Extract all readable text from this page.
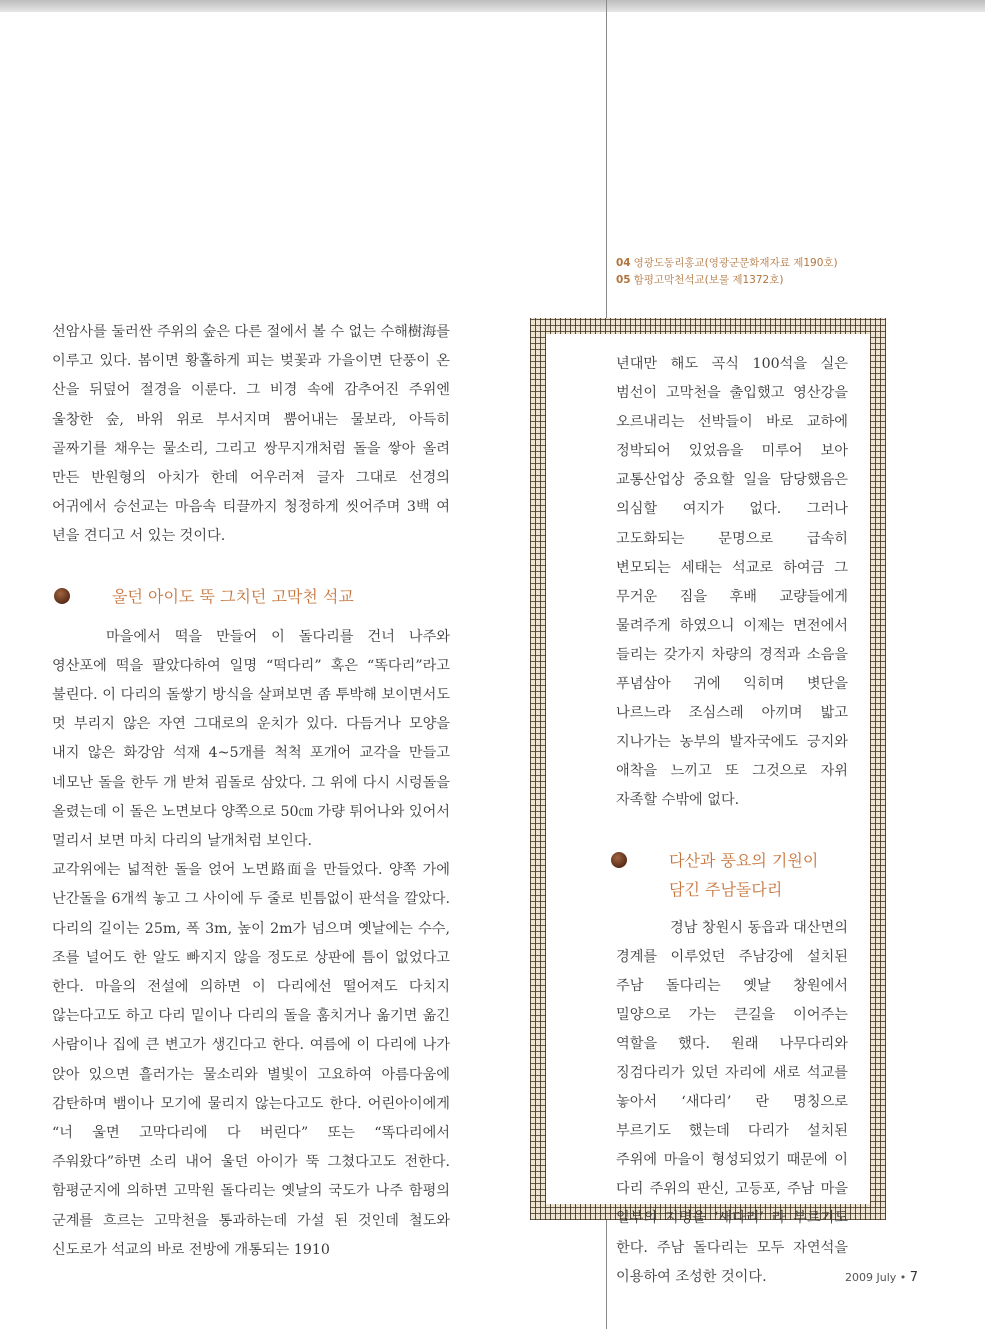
04 영광도동리홍교(영광군문화재자료 제190호)
05 함평고막천석교(보물 제1372호)

선암사를 둘러싼 주위의 숲은 다른 절에서 볼 수 없는 수해樹海를 이루고 있다. 봄이면 황홀하게 피는 벚꽃과 가을이면 단풍이 온 산을 뒤덮어 절경을 이룬다. 그 비경 속에 감추어진 주위엔 울창한 숲, 바위 위로 부서지며 뿜어내는 물보라, 아득히 골짜기를 채우는 물소리, 그리고 쌍무지개처럼 돌을 쌓아 올려 만든 반원형의 아치가 한데 어우러져 글자 그대로 선경의 어귀에서 승선교는 마음속 티끌까지 청정하게 씻어주며 3백 여 년을 견디고 서 있는 것이다.

울던 아이도 뚝 그치던 고막천 석교

마을에서 떡을 만들어 이 돌다리를 건너 나주와 영산포에 떡을 팔았다하여 일명 “떡다리” 혹은 “똑다리”라고 불린다. 이 다리의 돌쌓기 방식을 살펴보면 좀 투박해 보이면서도 멋 부리지 않은 자연 그대로의 운치가 있다. 다듬거나 모양을 내지 않은 화강암 석재 4~5개를 척척 포개어 교각을 만들고 네모난 돌을 한두 개 받쳐 굄돌로 삼았다. 그 위에 다시 시렁돌을 올렸는데 이 돌은 노면보다 양쪽으로 50㎝ 가량 튀어나와 있어서 멀리서 보면 마치 다리의 날개처럼 보인다.

교각위에는 넓적한 돌을 얹어 노면路面을 만들었다. 양쪽 가에 난간돌을 6개씩 놓고 그 사이에 두 줄로 빈틈없이 판석을 깔았다. 다리의 길이는 25m, 폭 3m, 높이 2m가 넘으며 옛날에는 수수, 조를 널어도 한 알도 빠지지 않을 정도로 상판에 틈이 없었다고 한다. 마을의 전설에 의하면 이 다리에선 떨어져도 다치지 않는다고도 하고 다리 밑이나 다리의 돌을 훔치거나 옮기면 옮긴 사람이나 집에 큰 변고가 생긴다고 한다. 여름에 이 다리에 나가 앉아 있으면 흘러가는 물소리와 별빛이 고요하여 아름다움에 감탄하며 뱀이나 모기에 물리지 않는다고도 한다. 어린아이에게 “너 울면 고막다리에 다 버린다” 또는 “똑다리에서 주워왔다”하면 소리 내어 울던 아이가 뚝 그쳤다고도 전한다. 함평군지에 의하면 고막원 돌다리는 옛날의 국도가 나주 함평의 군계를 흐르는 고막천을 통과하는데 가설 된 것인데 철도와 신도로가 석교의 바로 전방에 개통되는 1910

년대만 해도 곡식 100석을 실은 범선이 고막천을 출입했고 영산강을 오르내리는 선박들이 바로 교하에 정박되어 있었음을 미루어 보아 교통산업상 중요할 일을 담당했음은 의심할 여지가 없다. 그러나 고도화되는 문명으로 급속히 변모되는 세태는 석교로 하여금 그 무거운 짐을 후배 교량들에게 물려주게 하였으니 이제는 면전에서 들리는 갖가지 차량의 경적과 소음을 푸념삼아 귀에 익히며 볏단을 나르느라 조심스레 아끼며 밟고 지나가는 농부의 발자국에도 긍지와 애착을 느끼고 또 그것으로 자위 자족할 수밖에 없다.

다산과 풍요의 기원이
담긴 주남돌다리

경남 창원시 동읍과 대산면의 경계를 이루었던 주남강에 설치된 주남 돌다리는 옛날 창원에서 밀양으로 가는 큰길을 이어주는 역할을 했다. 원래 나무다리와 징검다리가 있던 자리에 새로 석교를 놓아서 ‘새다리’ 란 명칭으로 부르기도 했는데 다리가 설치된 주위에 마을이 형성되었기 때문에 이 다리 주위의 판신, 고등포, 주남 마을 일부의 지명을 ‘새다리’ 라 부르기도 한다. 주남 돌다리는 모두 자연석을 이용하여 조성한 것이다.	2009 July • 7
